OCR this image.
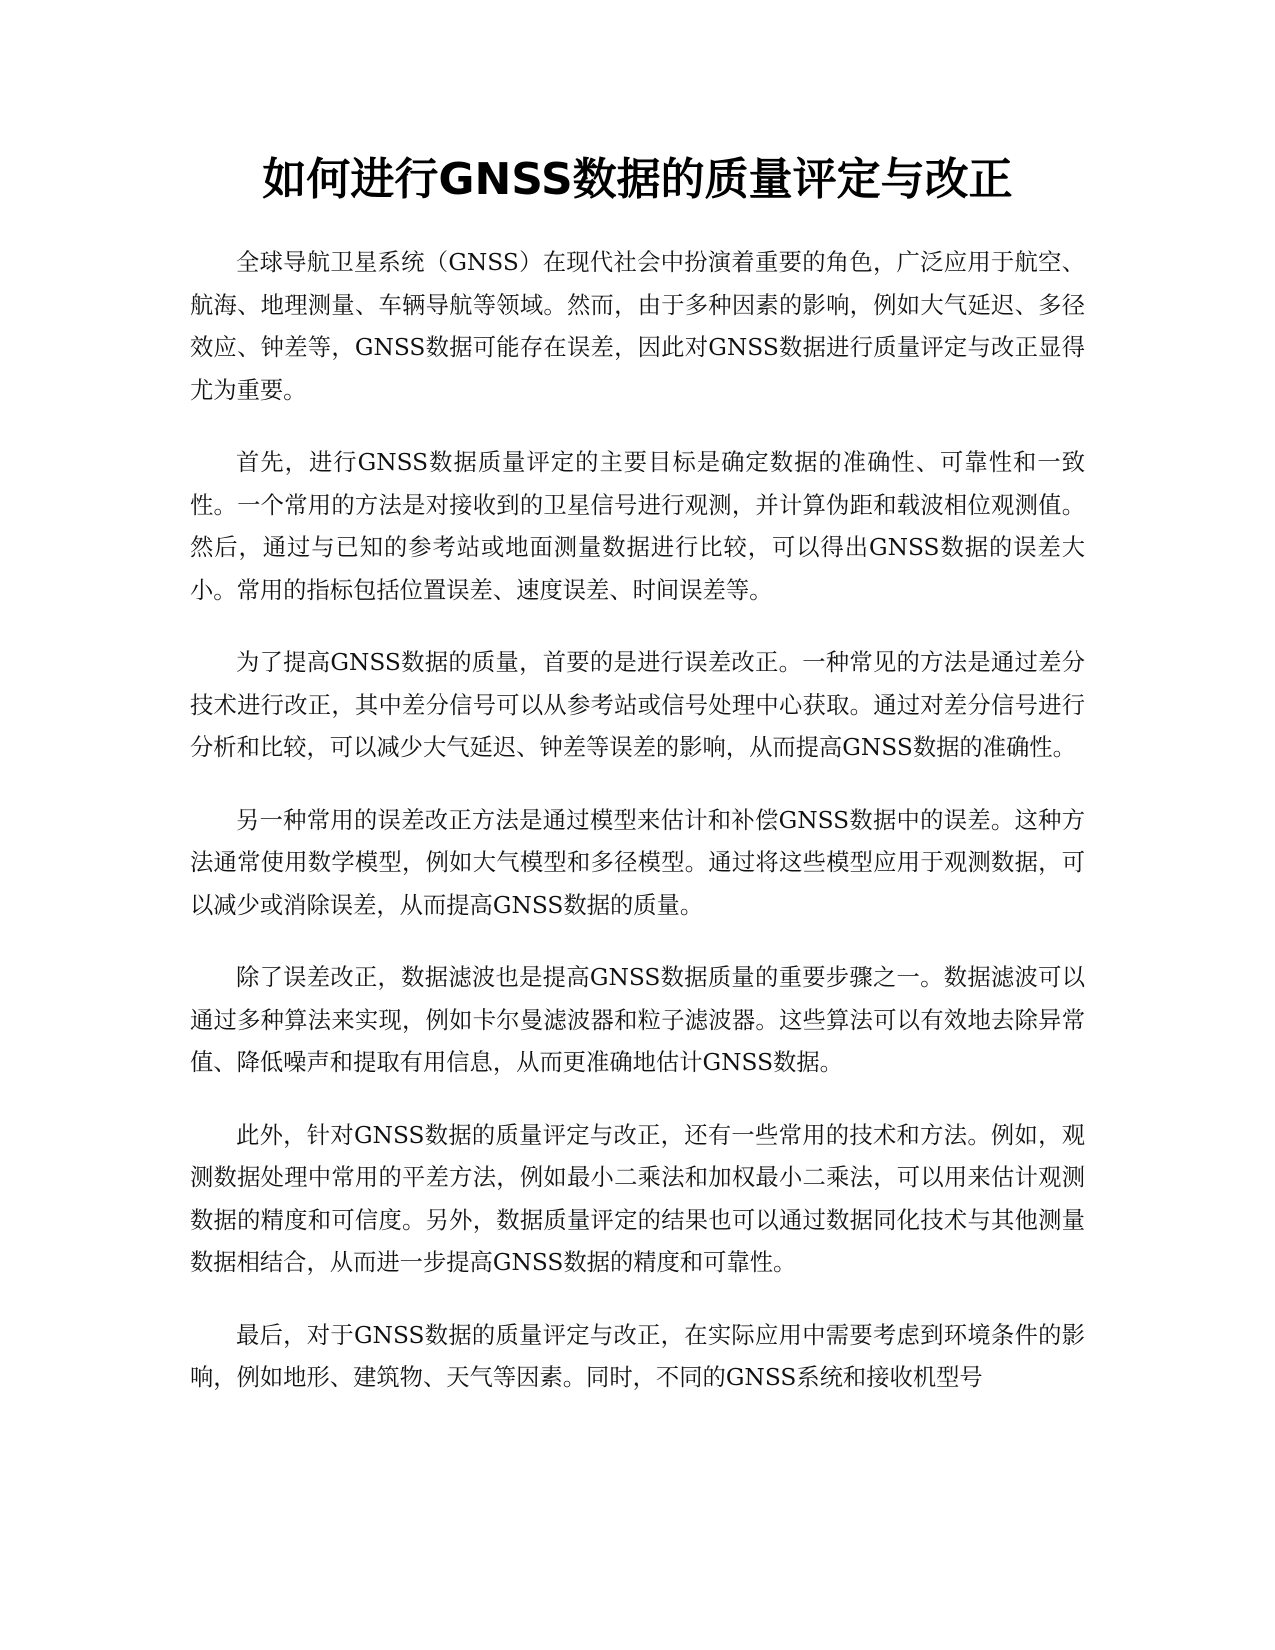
如何进行GNSS数据的质量评定与改正

全球导航卫星系统（GNSS）在现代社会中扮演着重要的角色，广泛应用于航空、航海、地理测量、车辆导航等领域。然而，由于多种因素的影响，例如大气延迟、多径效应、钟差等，GNSS数据可能存在误差，因此对GNSS数据进行质量评定与改正显得尤为重要。

首先，进行GNSS数据质量评定的主要目标是确定数据的准确性、可靠性和一致性。一个常用的方法是对接收到的卫星信号进行观测，并计算伪距和载波相位观测值。然后，通过与已知的参考站或地面测量数据进行比较，可以得出GNSS数据的误差大小。常用的指标包括位置误差、速度误差、时间误差等。

为了提高GNSS数据的质量，首要的是进行误差改正。一种常见的方法是通过差分技术进行改正，其中差分信号可以从参考站或信号处理中心获取。通过对差分信号进行分析和比较，可以减少大气延迟、钟差等误差的影响，从而提高GNSS数据的准确性。

另一种常用的误差改正方法是通过模型来估计和补偿GNSS数据中的误差。这种方法通常使用数学模型，例如大气模型和多径模型。通过将这些模型应用于观测数据，可以减少或消除误差，从而提高GNSS数据的质量。

除了误差改正，数据滤波也是提高GNSS数据质量的重要步骤之一。数据滤波可以通过多种算法来实现，例如卡尔曼滤波器和粒子滤波器。这些算法可以有效地去除异常值、降低噪声和提取有用信息，从而更准确地估计GNSS数据。

此外，针对GNSS数据的质量评定与改正，还有一些常用的技术和方法。例如，观测数据处理中常用的平差方法，例如最小二乘法和加权最小二乘法，可以用来估计观测数据的精度和可信度。另外，数据质量评定的结果也可以通过数据同化技术与其他测量数据相结合，从而进一步提高GNSS数据的精度和可靠性。

最后，对于GNSS数据的质量评定与改正，在实际应用中需要考虑到环境条件的影响，例如地形、建筑物、天气等因素。同时，不同的GNSS系统和接收机型号
